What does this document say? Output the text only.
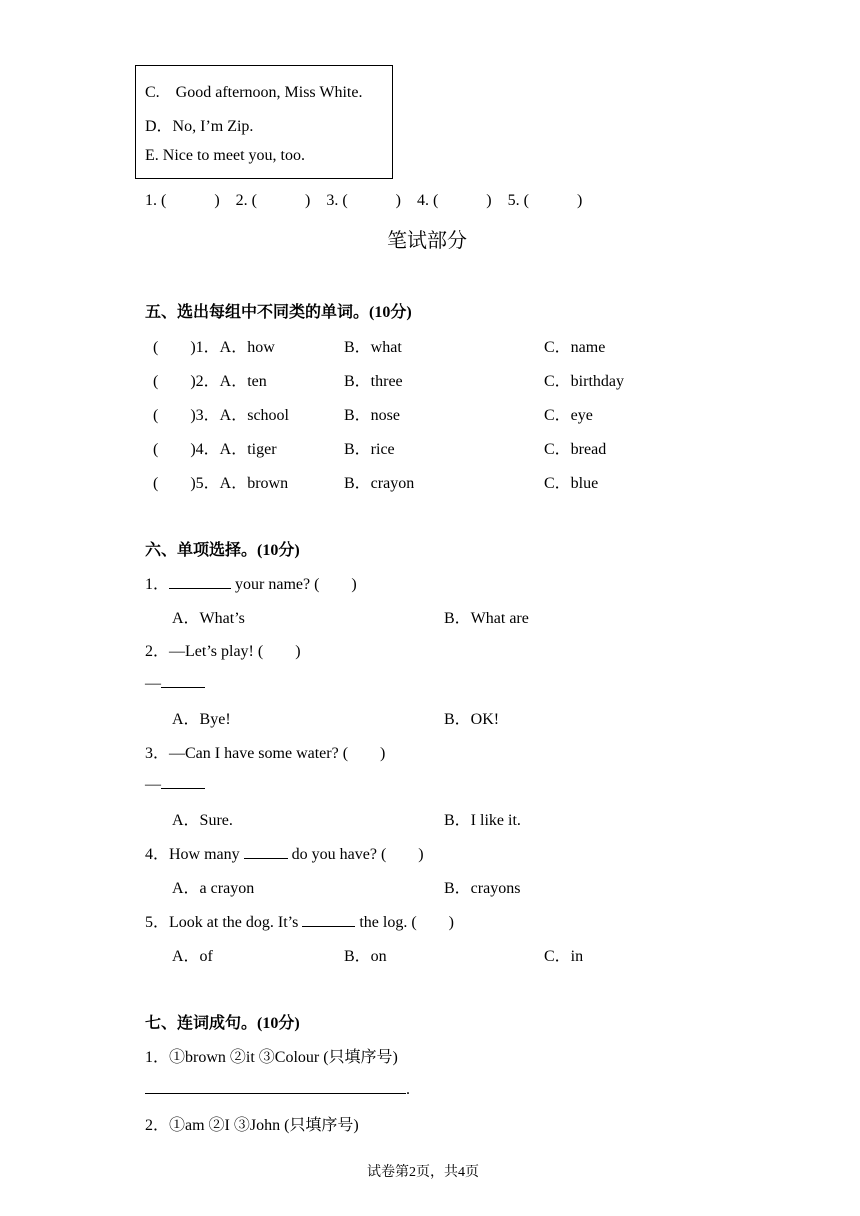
C.　Good afternoon, Miss White.
D．No, I’m Zip.
E. Nice to meet you, too.
1. (　　　)　2. (　　　)　3. (　　　)　4. (　　　)　5. (　　　)
笔试部分
五、选出每组中不同类的单词。(10分)
(　　)1．A．how	B．what	C．name
(　　)2．A．ten	B．three	C．birthday
(　　)3．A．school	B．nose	C．eye
(　　)4．A．tiger	B．rice	C．bread
(　　)5．A．brown	B．crayon	C．blue
六、单项选择。(10分)
1．	your name? (　　)
A．What’s	B．What are
2．—Let’s play! (　　)
—
A．Bye!	B．OK!
3．—Can I have some water? (　　)
—
A．Sure.	B．I like it.
4．How many	do you have? (　　)
A．a crayon	B．crayons
5．Look at the dog. It’s	the log. (　　)
A．of	B．on	C．in
七、连词成句。(10分)
1．①brown ②it ③Colour (只填序号)
.
2．①am ②I ③John (只填序号)
试卷第2页，共4页
